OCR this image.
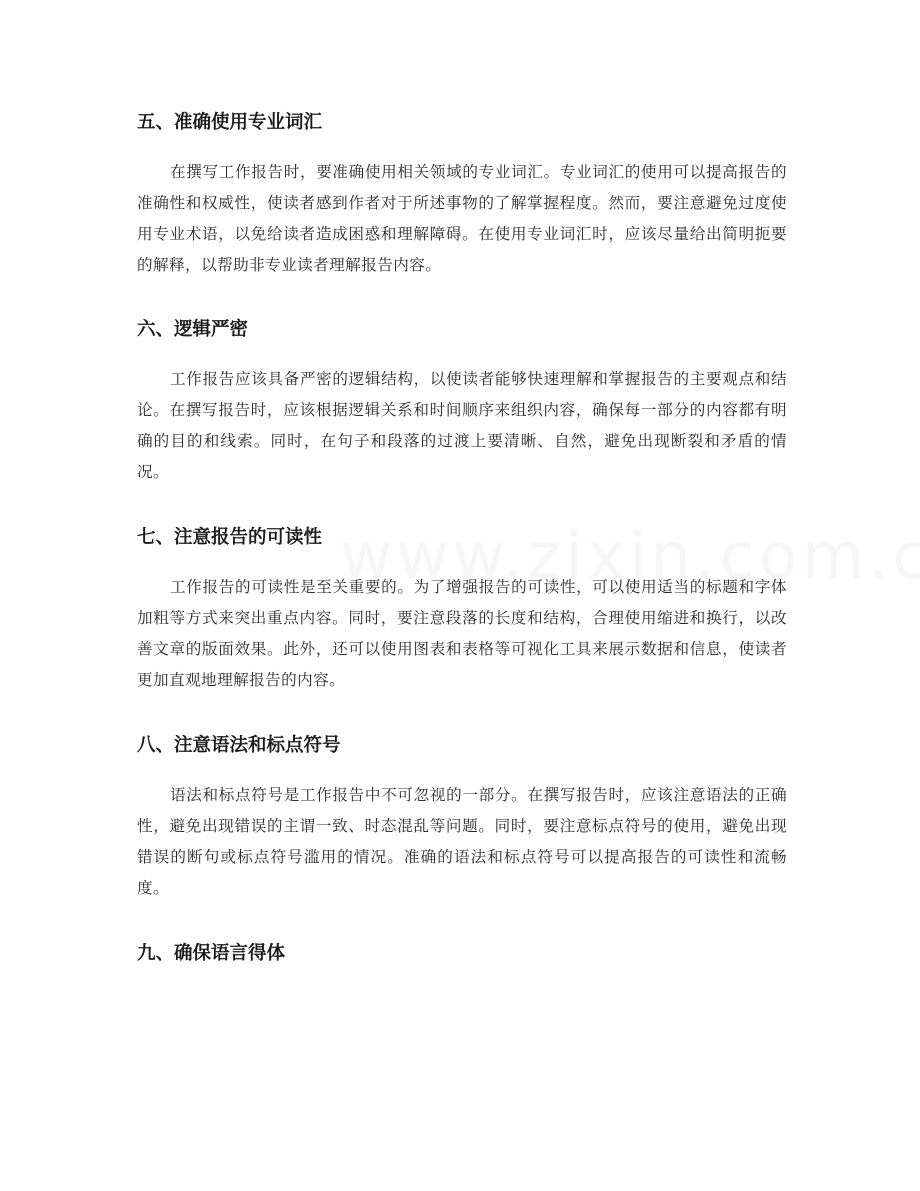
五、准确使用专业词汇

在撰写工作报告时，要准确使用相关领域的专业词汇。专业词汇的使用可以提高报告的准确性和权威性，使读者感到作者对于所述事物的了解掌握程度。然而，要注意避免过度使用专业术语，以免给读者造成困惑和理解障碍。在使用专业词汇时，应该尽量给出简明扼要的解释，以帮助非专业读者理解报告内容。

六、逻辑严密

工作报告应该具备严密的逻辑结构，以使读者能够快速理解和掌握报告的主要观点和结论。在撰写报告时，应该根据逻辑关系和时间顺序来组织内容，确保每一部分的内容都有明确的目的和线索。同时，在句子和段落的过渡上要清晰、自然，避免出现断裂和矛盾的情况。

七、注意报告的可读性

工作报告的可读性是至关重要的。为了增强报告的可读性，可以使用适当的标题和字体加粗等方式来突出重点内容。同时，要注意段落的长度和结构，合理使用缩进和换行，以改善文章的版面效果。此外，还可以使用图表和表格等可视化工具来展示数据和信息，使读者更加直观地理解报告的内容。

八、注意语法和标点符号

语法和标点符号是工作报告中不可忽视的一部分。在撰写报告时，应该注意语法的正确性，避免出现错误的主谓一致、时态混乱等问题。同时，要注意标点符号的使用，避免出现错误的断句或标点符号滥用的情况。准确的语法和标点符号可以提高报告的可读性和流畅度。

九、确保语言得体
